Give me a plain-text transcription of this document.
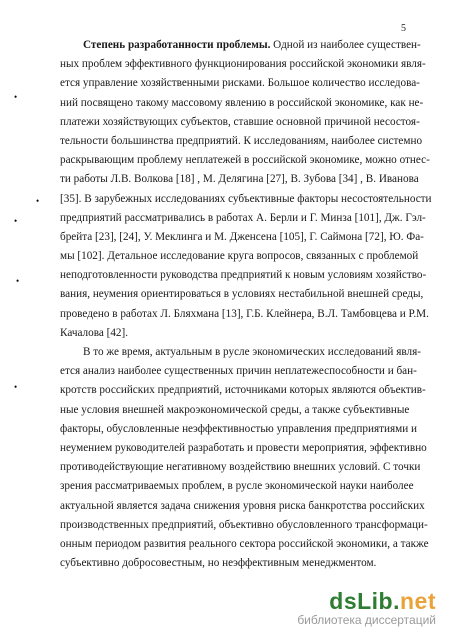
5
•
•
•
•
•
Степень разработанности проблемы. Одной из наиболее существен-
ных проблем эффективного функционирования российской экономики явля-
ется управление хозяйственными рисками. Большое количество исследова-
ний посвящено такому массовому явлению в российской экономике, как не-
платежи хозяйствующих субъектов, ставшие основной причиной несостоя-
тельности большинства предприятий. К исследованиям, наиболее системно
раскрывающим проблему неплатежей в российской экономике, можно отнес-
ти работы Л.В. Волкова [18] , М. Делягина [27], В. Зубова [34] , В. Иванова
[35]. В зарубежных исследованиях субъективные факторы несостоятельности
предприятий рассматривались в работах А. Берли и Г. Минза [101], Дж. Гэл-
брейта [23], [24], У. Меклинга и М. Дженсена [105], Г. Саймона [72], Ю. Фа-
мы [102]. Детальное исследование круга вопросов, связанных с проблемой
неподготовленности руководства предприятий к новым условиям хозяйство-
вания, неумения ориентироваться в условиях нестабильной внешней среды,
проведено в работах Л. Бляхмана [13], Г.Б. Клейнера, В.Л. Тамбовцева и Р.М.
Качалова [42].
В то же время, актуальным в русле экономических исследований явля-
ется анализ наиболее существенных причин неплатежеспособности и бан-
кротств российских предприятий, источниками которых являются объектив-
ные условия внешней макроэкономической среды, а также субъективные
факторы, обусловленные неэффективностью управления предприятиями и
неумением руководителей разработать и провести мероприятия, эффективно
противодействующие негативному воздействию внешних условий. С точки
зрения рассматриваемых проблем, в русле экономической науки наиболее
актуальной является задача снижения уровня риска банкротства российских
производственных предприятий, объективно обусловленного трансформаци-
онным периодом развития реального сектора российской экономики, а также
субъективно добросовестным, но неэффективным менеджментом.
dsLib.net
библиотека диссертаций
